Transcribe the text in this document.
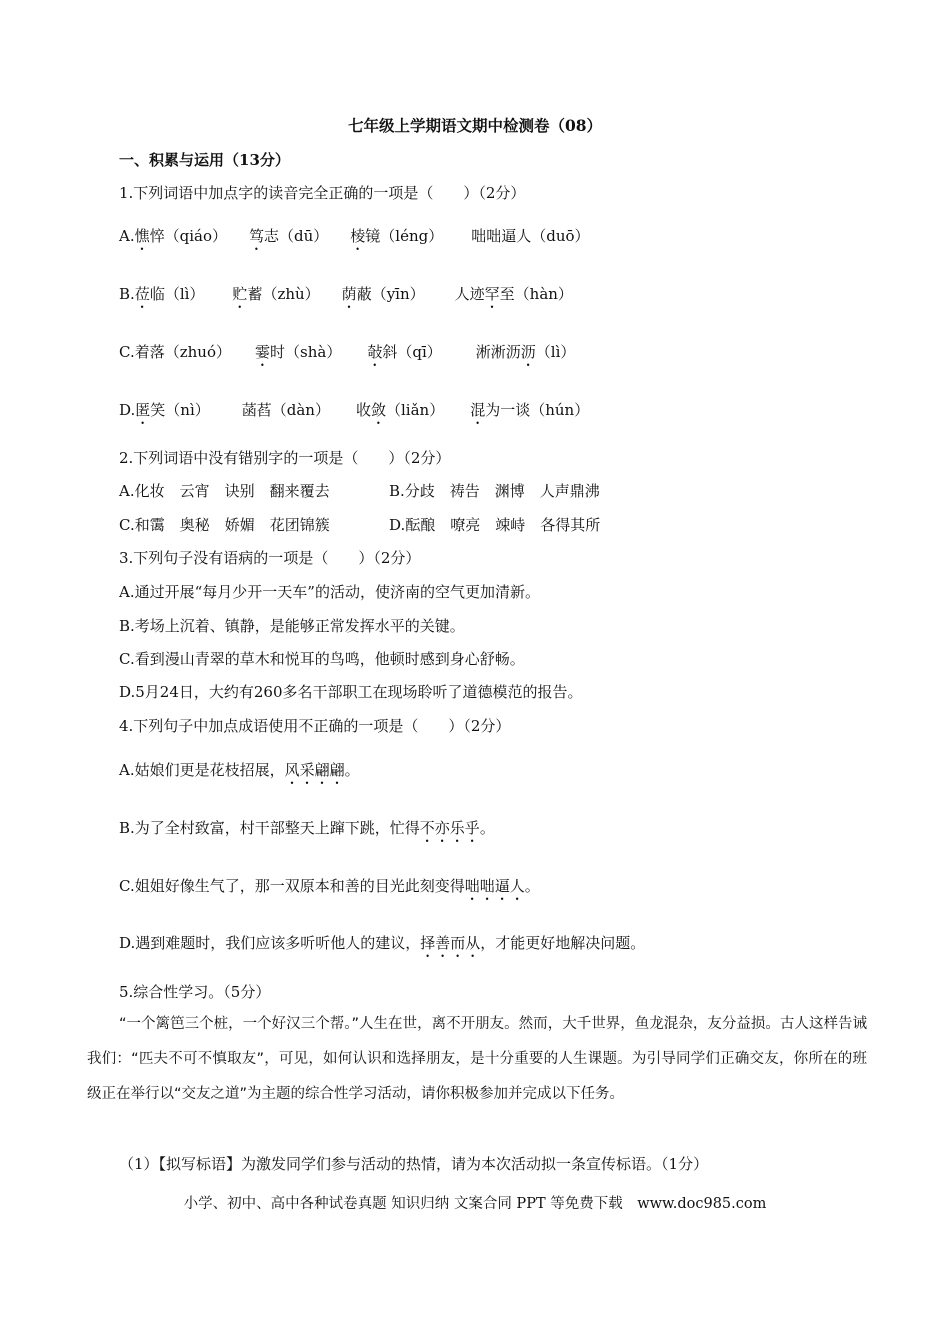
七年级上学期语文期中检测卷（08）
一、积累与运用（13分）
1.下列词语中加点字的读音完全正确的一项是（　　）（2分）
A.憔悴（qiáo） 笃志（dū） 棱镜（léng） 咄咄逼人（duō）
B.莅临（lì） 贮蓄（zhù） 荫蔽（yīn） 人迹罕至（hàn）
C.着落（zhuó） 霎时（shà） 敧斜（qī） 淅淅沥沥（lì）
D.匿笑（nì） 菡萏（dàn） 收敛（liǎn） 混为一谈（hún）
2.下列词语中没有错别字的一项是（　　）（2分）
A.化妆　云宵　诀别　翻来覆去	B.分歧　祷告　渊博　人声鼎沸
C.和霭　奥秘　娇媚　花团锦簇	D.酝酿　嘹亮　竦峙　各得其所
3.下列句子没有语病的一项是（　　）（2分）
A.通过开展“每月少开一天车”的活动，使济南的空气更加清新。
B.考场上沉着、镇静，是能够正常发挥水平的关键。
C.看到漫山青翠的草木和悦耳的鸟鸣，他顿时感到身心舒畅。
D.5月24日，大约有260多名干部职工在现场聆听了道德模范的报告。
4.下列句子中加点成语使用不正确的一项是（　　）（2分）
A.姑娘们更是花枝招展，风采翩翩。
B.为了全村致富，村干部整天上蹿下跳，忙得不亦乐乎。
C.姐姐好像生气了，那一双原本和善的目光此刻变得咄咄逼人。
D.遇到难题时，我们应该多听听他人的建议，择善而从，才能更好地解决问题。
5.综合性学习。（5分）
“一个篱笆三个桩，一个好汉三个帮。”人生在世，离不开朋友。然而，大千世界，鱼龙混杂，友分益损。古人这样告诫我们：“匹夫不可不慎取友”，可见，如何认识和选择朋友，是十分重要的人生课题。为引导同学们正确交友，你所在的班级正在举行以“交友之道”为主题的综合性学习活动，请你积极参加并完成以下任务。
（1）【拟写标语】为激发同学们参与活动的热情，请为本次活动拟一条宣传标语。（1分）
小学、初中、高中各种试卷真题 知识归纳 文案合同 PPT 等免费下载　www.doc985.com
